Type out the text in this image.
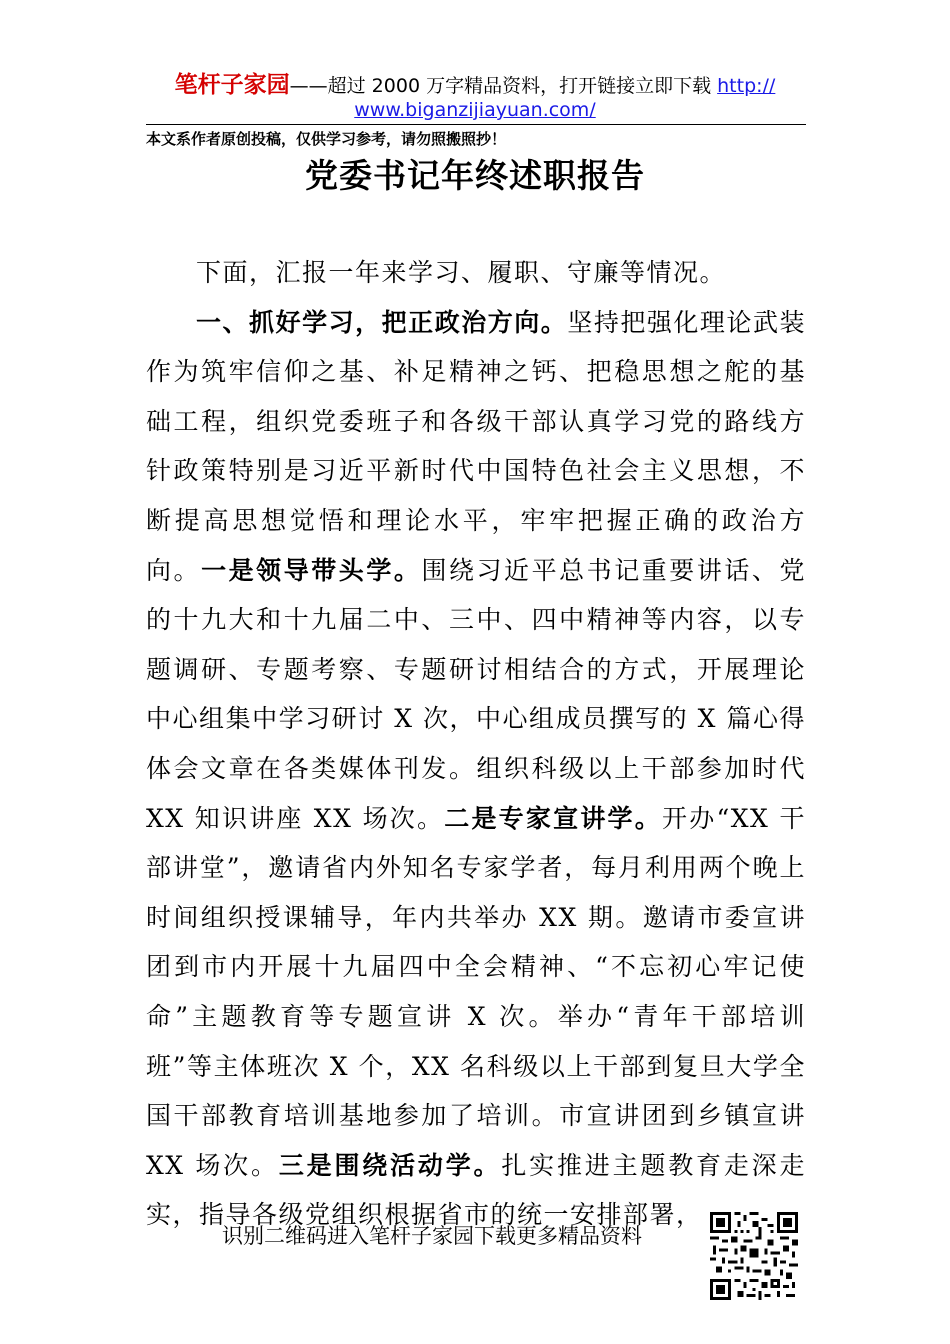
笔杆子家园——超过 2000 万字精品资料，打开链接立即下载 http://
www.biganzijiayuan.com/
本文系作者原创投稿，仅供学习参考，请勿照搬照抄！
党委书记年终述职报告

下面，汇报一年来学习、履职、守廉等情况。

一、抓好学习，把正政治方向。坚持把强化理论武装作为筑牢信仰之基、补足精神之钙、把稳思想之舵的基础工程，组织党委班子和各级干部认真学习党的路线方针政策特别是习近平新时代中国特色社会主义思想，不断提高思想觉悟和理论水平，牢牢把握正确的政治方向。一是领导带头学。围绕习近平总书记重要讲话、党的十九大和十九届二中、三中、四中精神等内容，以专题调研、专题考察、专题研讨相结合的方式，开展理论中心组集中学习研讨 X 次，中心组成员撰写的 X 篇心得体会文章在各类媒体刊发。组织科级以上干部参加时代 XX 知识讲座 XX 场次。二是专家宣讲学。开办“XX 干部讲堂”，邀请省内外知名专家学者，每月利用两个晚上时间组织授课辅导，年内共举办 XX 期。邀请市委宣讲团到市内开展十九届四中全会精神、“不忘初心牢记使命”主题教育等专题宣讲 X 次。举办“青年干部培训班”等主体班次 X 个，XX 名科级以上干部到复旦大学全国干部教育培训基地参加了培训。市宣讲团到乡镇宣讲 XX 场次。三是围绕活动学。扎实推进主题教育走深走实，指导各级党组织根据省市的统一安排部署，

识别二维码进入笔杆子家园下载更多精品资料
